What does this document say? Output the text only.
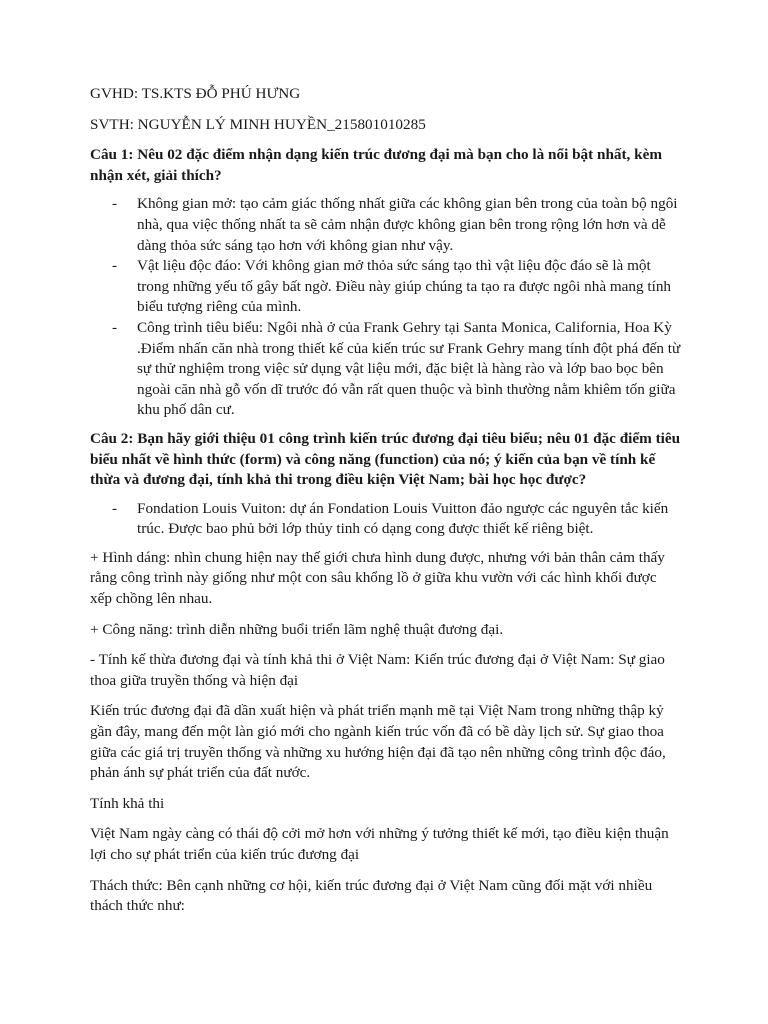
GVHD: TS.KTS ĐỖ PHÚ HƯNG

SVTH: NGUYỄN LÝ MINH HUYỀN_215801010285

Câu 1: Nêu 02 đặc điểm nhận dạng kiến trúc đương đại mà bạn cho là nổi bật nhất, kèm nhận xét, giải thích?

- Không gian mở: tạo cảm giác thống nhất giữa các không gian bên trong của toàn bộ ngôi nhà, qua việc thống nhất ta sẽ cảm nhận được không gian bên trong rộng lớn hơn và dễ dàng thỏa sức sáng tạo hơn với không gian như vậy.
- Vật liệu độc đáo: Với không gian mở thỏa sức sáng tạo thì vật liệu độc đáo sẽ là một trong những yếu tố gây bất ngờ. Điều này giúp chúng ta tạo ra được ngôi nhà mang tính biểu tượng riêng của mình.
- Công trình tiêu biểu: Ngôi nhà ở của Frank Gehry tại Santa Monica, California, Hoa Kỳ .Điểm nhấn căn nhà trong thiết kế của kiến trúc sư Frank Gehry mang tính đột phá đến từ sự thử nghiệm trong việc sử dụng vật liệu mới, đặc biệt là hàng rào và lớp bao bọc bên ngoài căn nhà gỗ vốn dĩ trước đó vẫn rất quen thuộc và bình thường nằm khiêm tốn giữa khu phố dân cư.

Câu 2: Bạn hãy giới thiệu 01 công trình kiến trúc đương đại tiêu biểu; nêu 01 đặc điểm tiêu biểu nhất về hình thức (form) và công năng (function) của nó; ý kiến của bạn về tính kế thừa và đương đại, tính khả thi trong điều kiện Việt Nam; bài học học được?

- Fondation Louis Vuiton: dự án Fondation Louis Vuitton đảo ngược các nguyên tắc kiến trúc. Được bao phủ bởi lớp thủy tinh có dạng cong được thiết kế riêng biệt.

+ Hình dáng: nhìn chung hiện nay thế giới chưa hình dung được, nhưng với bản thân cảm thấy rằng công trình này giống như một con sâu khổng lồ ở giữa khu vườn với các hình khối được xếp chồng lên nhau.

+ Công năng: trình diễn những buổi triển lãm nghệ thuật đương đại.

- Tính kế thừa đương đại và tính khả thi ở Việt Nam: Kiến trúc đương đại ở Việt Nam: Sự giao thoa giữa truyền thống và hiện đại

Kiến trúc đương đại đã dần xuất hiện và phát triển mạnh mẽ tại Việt Nam trong những thập kỷ gần đây, mang đến một làn gió mới cho ngành kiến trúc vốn đã có bề dày lịch sử. Sự giao thoa giữa các giá trị truyền thống và những xu hướng hiện đại đã tạo nên những công trình độc đáo, phản ánh sự phát triển của đất nước.

Tính khả thi

Việt Nam ngày càng có thái độ cởi mở hơn với những ý tưởng thiết kế mới, tạo điều kiện thuận lợi cho sự phát triển của kiến trúc đương đại

Thách thức: Bên cạnh những cơ hội, kiến trúc đương đại ở Việt Nam cũng đối mặt với nhiều thách thức như:
